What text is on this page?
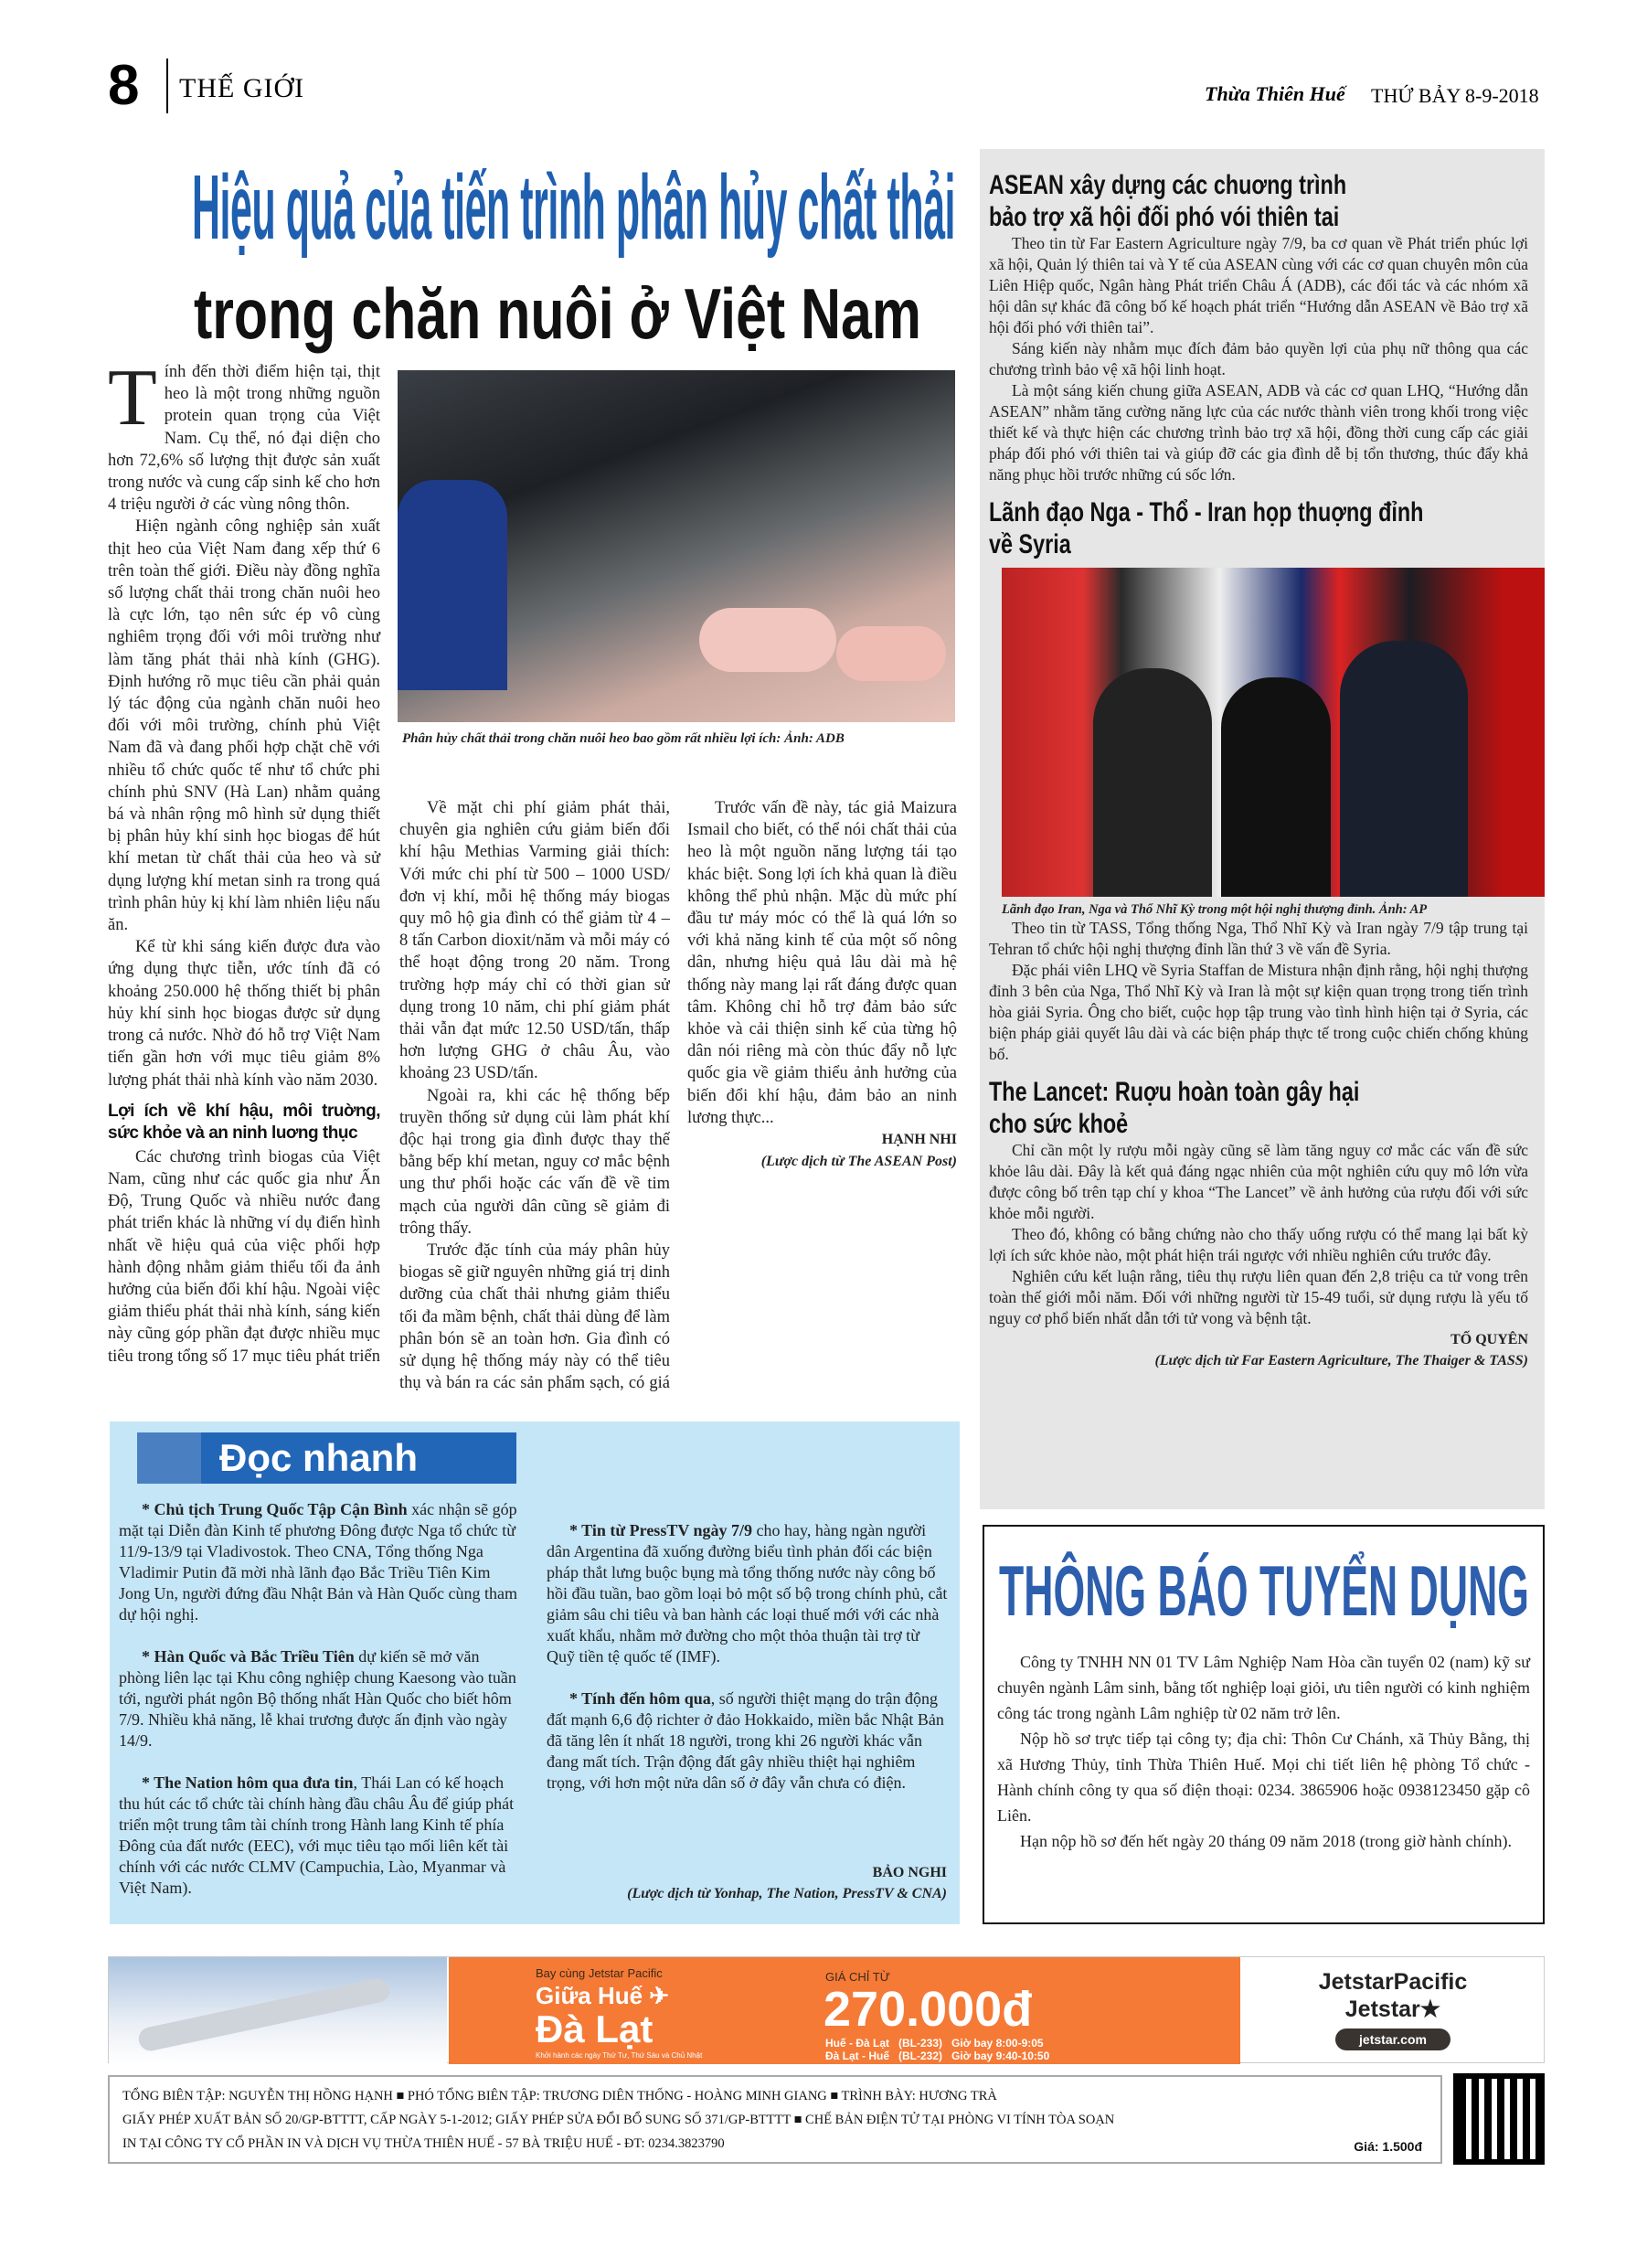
8 THẾ GIỚI	Thừa Thiên Huế THỨ BẢY 8-9-2018
Hiệu quả của tiến trình phân hủy chất thải
trong chăn nuôi ở Việt Nam
Phân hủy chất thải trong chăn nuôi heo bao gồm rất nhiều lợi ích: Ảnh: ADB

Tính đến thời điểm hiện tại, thịt heo là một trong những nguồn protein quan trọng của Việt Nam. Cụ thể, nó đại diện cho hơn 72,6% số lượng thịt được sản xuất trong nước và cung cấp sinh kế cho hơn 4 triệu người ở các vùng nông thôn.

Hiện ngành công nghiệp sản xuất thịt heo của Việt Nam đang xếp thứ 6 trên toàn thế giới. Điều này đồng nghĩa số lượng chất thải trong chăn nuôi heo là cực lớn, tạo nên sức ép vô cùng nghiêm trọng đối với môi trường như làm tăng phát thải nhà kính (GHG). Định hướng rõ mục tiêu cần phải quản lý tác động của ngành chăn nuôi heo đối với môi trường, chính phủ Việt Nam đã và đang phối hợp chặt chẽ với nhiều tổ chức quốc tế như tổ chức phi chính phủ SNV (Hà Lan) nhằm quảng bá và nhân rộng mô hình sử dụng thiết bị phân hủy khí sinh học biogas để hút khí metan từ chất thải của heo và sử dụng lượng khí metan sinh ra trong quá trình phân hủy kị khí làm nhiên liệu nấu ăn.

Kể từ khi sáng kiến được đưa vào ứng dụng thực tiễn, ước tính đã có khoảng 250.000 hệ thống thiết bị phân hủy khí sinh học biogas được sử dụng trong cả nước. Nhờ đó hỗ trợ Việt Nam tiến gần hơn với mục tiêu giảm 8% lượng phát thải nhà kính vào năm 2030.

Lợi ích về khí hậu, môi truờng, sức khỏe và an ninh luơng thục

Các chương trình biogas của Việt Nam, cũng như các quốc gia như Ấn Độ, Trung Quốc và nhiều nước đang phát triển khác là những ví dụ điển hình nhất về hiệu quả của việc phối hợp hành động nhằm giảm thiểu tối đa ảnh hưởng của biến đổi khí hậu. Ngoài việc giảm thiểu phát thải nhà kính, sáng kiến này cũng góp phần đạt được nhiều mục tiêu trong tổng số 17 mục tiêu phát triển

Về mặt chi phí giảm phát thải, chuyên gia nghiên cứu giảm biến đổi khí hậu Methias Varming giải thích: Với mức chi phí từ 500 – 1000 USD/đơn vị khí, mỗi hệ thống máy biogas quy mô hộ gia đình có thể giảm từ 4 – 8 tấn Carbon dioxit/năm và mỗi máy có thể hoạt động trong 20 năm. Trong trường hợp máy chỉ có thời gian sử dụng trong 10 năm, chi phí giảm phát thải vẫn đạt mức 12.50 USD/tấn, thấp hơn lượng GHG ở châu Âu, vào khoảng 23 USD/tấn.

Ngoài ra, khi các hệ thống bếp truyền thống sử dụng củi làm phát khí độc hại trong gia đình được thay thế bằng bếp khí metan, nguy cơ mắc bệnh ung thư phổi hoặc các vấn đề về tim mạch của người dân cũng sẽ giảm đi trông thấy.

Trước đặc tính của máy phân hủy biogas sẽ giữ nguyên những giá trị dinh dưỡng của chất thải nhưng giảm thiểu tối đa mầm bệnh, chất thải dùng để làm phân bón sẽ an toàn hơn. Gia đình có sử dụng hệ thống máy này có thể tiêu thụ và bán ra các sản phẩm sạch, có giá

Trước vấn đề này, tác giả Maizura Ismail cho biết, có thể nói chất thải của heo là một nguồn năng lượng tái tạo khác biệt. Song lợi ích khả quan là điều không thể phủ nhận. Mặc dù mức phí đầu tư máy móc có thể là quá lớn so với khả năng kinh tế của một số nông dân, nhưng hiệu quả lâu dài mà hệ thống này mang lại rất đáng được quan tâm. Không chỉ hỗ trợ đảm bảo sức khỏe và cải thiện sinh kế của từng hộ dân nói riêng mà còn thúc đẩy nỗ lực quốc gia về giảm thiểu ảnh hưởng của biến đổi khí hậu, đảm bảo an ninh lương thực...

HẠNH NHI

(Lược dịch từ The ASEAN Post)

ASEAN xây dựng các chuơng trình
bảo trợ xã hội đối phó vói thiên tai

Theo tin từ Far Eastern Agriculture ngày 7/9, ba cơ quan về Phát triển phúc lợi xã hội, Quản lý thiên tai và Y tế của ASEAN cùng với các cơ quan chuyên môn của Liên Hiệp quốc, Ngân hàng Phát triển Châu Á (ADB), các đối tác và các nhóm xã hội dân sự khác đã công bố kế hoạch phát triển “Hướng dẫn ASEAN về Bảo trợ xã hội đối phó với thiên tai”.

Sáng kiến này nhằm mục đích đảm bảo quyền lợi của phụ nữ thông qua các chương trình bảo vệ xã hội linh hoạt.

Là một sáng kiến chung giữa ASEAN, ADB và các cơ quan LHQ, “Hướng dẫn ASEAN” nhằm tăng cường năng lực của các nước thành viên trong khối trong việc thiết kế và thực hiện các chương trình bảo trợ xã hội, đồng thời cung cấp các giải pháp đối phó với thiên tai và giúp đỡ các gia đình dễ bị tổn thương, thúc đẩy khả năng phục hồi trước những cú sốc lớn.

Lãnh đạo Nga - Thổ - Iran họp thuợng đỉnh
về Syria
Lãnh đạo Iran, Nga và Thổ Nhĩ Kỳ trong một hội nghị thượng đỉnh. Ảnh: AP

Theo tin từ TASS, Tổng thống Nga, Thổ Nhĩ Kỳ và Iran ngày 7/9 tập trung tại Tehran tổ chức hội nghị thượng đỉnh lần thứ 3 về vấn đề Syria.

Đặc phái viên LHQ về Syria Staffan de Mistura nhận định rằng, hội nghị thượng đỉnh 3 bên của Nga, Thổ Nhĩ Kỳ và Iran là một sự kiện quan trọng trong tiến trình hòa giải Syria. Ông cho biết, cuộc họp tập trung vào tình hình hiện tại ở Syria, các biện pháp giải quyết lâu dài và các biện pháp thực tế trong cuộc chiến chống khủng bố.

The Lancet: Ruợu hoàn toàn gây hại
cho sức khoẻ

Chỉ cần một ly rượu mỗi ngày cũng sẽ làm tăng nguy cơ mắc các vấn đề sức khỏe lâu dài. Đây là kết quả đáng ngạc nhiên của một nghiên cứu quy mô lớn vừa được công bố trên tạp chí y khoa “The Lancet” về ảnh hưởng của rượu đối với sức khỏe mỗi người.

Theo đó, không có bằng chứng nào cho thấy uống rượu có thể mang lại bất kỳ lợi ích sức khỏe nào, một phát hiện trái ngược với nhiều nghiên cứu trước đây.

Nghiên cứu kết luận rằng, tiêu thụ rượu liên quan đến 2,8 triệu ca tử vong trên toàn thế giới mỗi năm. Đối với những người từ 15-49 tuổi, sử dụng rượu là yếu tố nguy cơ phổ biến nhất dẫn tới tử vong và bệnh tật.

TỐ QUYÊN

(Lược dịch từ Far Eastern Agriculture, The Thaiger & TASS)

Đọc nhanh

* Chủ tịch Trung Quốc Tập Cận Bình xác nhận sẽ góp mặt tại Diễn đàn Kinh tế phương Đông được Nga tổ chức từ 11/9-13/9 tại Vladivostok. Theo CNA, Tổng thống Nga Vladimir Putin đã mời nhà lãnh đạo Bắc Triều Tiên Kim Jong Un, người đứng đầu Nhật Bản và Hàn Quốc cùng tham dự hội nghị.

* Hàn Quốc và Bắc Triều Tiên dự kiến sẽ mở văn phòng liên lạc tại Khu công nghiệp chung Kaesong vào tuần tới, người phát ngôn Bộ thống nhất Hàn Quốc cho biết hôm 7/9. Nhiều khả năng, lễ khai trương được ấn định vào ngày 14/9.

* The Nation hôm qua đưa tin, Thái Lan có kế hoạch thu hút các tổ chức tài chính hàng đầu châu Âu để giúp phát triển một trung tâm tài chính trong Hành lang Kinh tế phía Đông của đất nước (EEC), với mục tiêu tạo mối liên kết tài chính với các nước CLMV (Campuchia, Lào, Myanmar và Việt Nam).

* Tin từ PressTV ngày 7/9 cho hay, hàng ngàn người dân Argentina đã xuống đường biểu tình phản đối các biện pháp thắt lưng buộc bụng mà tổng thống nước này công bố hồi đầu tuần, bao gồm loại bỏ một số bộ trong chính phủ, cắt giảm sâu chi tiêu và ban hành các loại thuế mới với các nhà xuất khẩu, nhằm mở đường cho một thỏa thuận tài trợ từ Quỹ tiền tệ quốc tế (IMF).

* Tính đến hôm qua, số người thiệt mạng do trận động đất mạnh 6,6 độ richter ở đảo Hokkaido, miền bắc Nhật Bản đã tăng lên ít nhất 18 người, trong khi 26 người khác vẫn đang mất tích. Trận động đất gây nhiều thiệt hại nghiêm trọng, với hơn một nửa dân số ở đây vẫn chưa có điện.

BẢO NGHI
(Lược dịch từ Yonhap, The Nation, PressTV & CNA)
THÔNG BÁO TUYỂN DỤNG

Công ty TNHH NN 01 TV Lâm Nghiệp Nam Hòa cần tuyển 02 (nam) kỹ sư chuyên ngành Lâm sinh, bằng tốt nghiệp loại giỏi, ưu tiên người có kinh nghiệm công tác trong ngành Lâm nghiệp từ 02 năm trở lên.

Nộp hồ sơ trực tiếp tại công ty; địa chỉ: Thôn Cư Chánh, xã Thủy Bằng, thị xã Hương Thủy, tỉnh Thừa Thiên Huế. Mọi chi tiết liên hệ phòng Tổ chức - Hành chính công ty qua số điện thoại: 0234. 3865906 hoặc 0938123450 gặp cô Liên.

Hạn nộp hồ sơ đến hết ngày 20 tháng 09 năm 2018 (trong giờ hành chính).

Bay cùng Jetstar Pacific
Giữa Huế ✈
Đà Lạt
Khởi hành các ngày Thứ Tư, Thứ Sáu và Chủ Nhật
GIÁ CHỈ TỪ
270.000đ
Huế - Đà Lạt   (BL-233)   Giờ bay 8:00-9:05
Đà Lạt - Huế   (BL-232)   Giờ bay 9:40-10:50
JetstarPacific
Jetstar★
jetstar.com
TỔNG BIÊN TẬP: NGUYỄN THỊ HỒNG HẠNH ■ PHÓ TỔNG BIÊN TẬP: TRƯƠNG DIÊN THỐNG - HOÀNG MINH GIANG ■ TRÌNH BÀY: HƯƠNG TRÀ
GIẤY PHÉP XUẤT BẢN SỐ 20/GP-BTTTT, CẤP NGÀY 5-1-2012; GIẤY PHÉP SỬA ĐỔI BỔ SUNG SỐ 371/GP-BTTTT ■ CHẾ BẢN ĐIỆN TỬ TẠI PHÒNG VI TÍNH TÒA SOẠN
IN TẠI CÔNG TY CỔ PHẦN IN VÀ DỊCH VỤ THỪA THIÊN HUẾ - 57 BÀ TRIỆU HUẾ - ĐT: 0234.3823790	Giá: 1.500đ
